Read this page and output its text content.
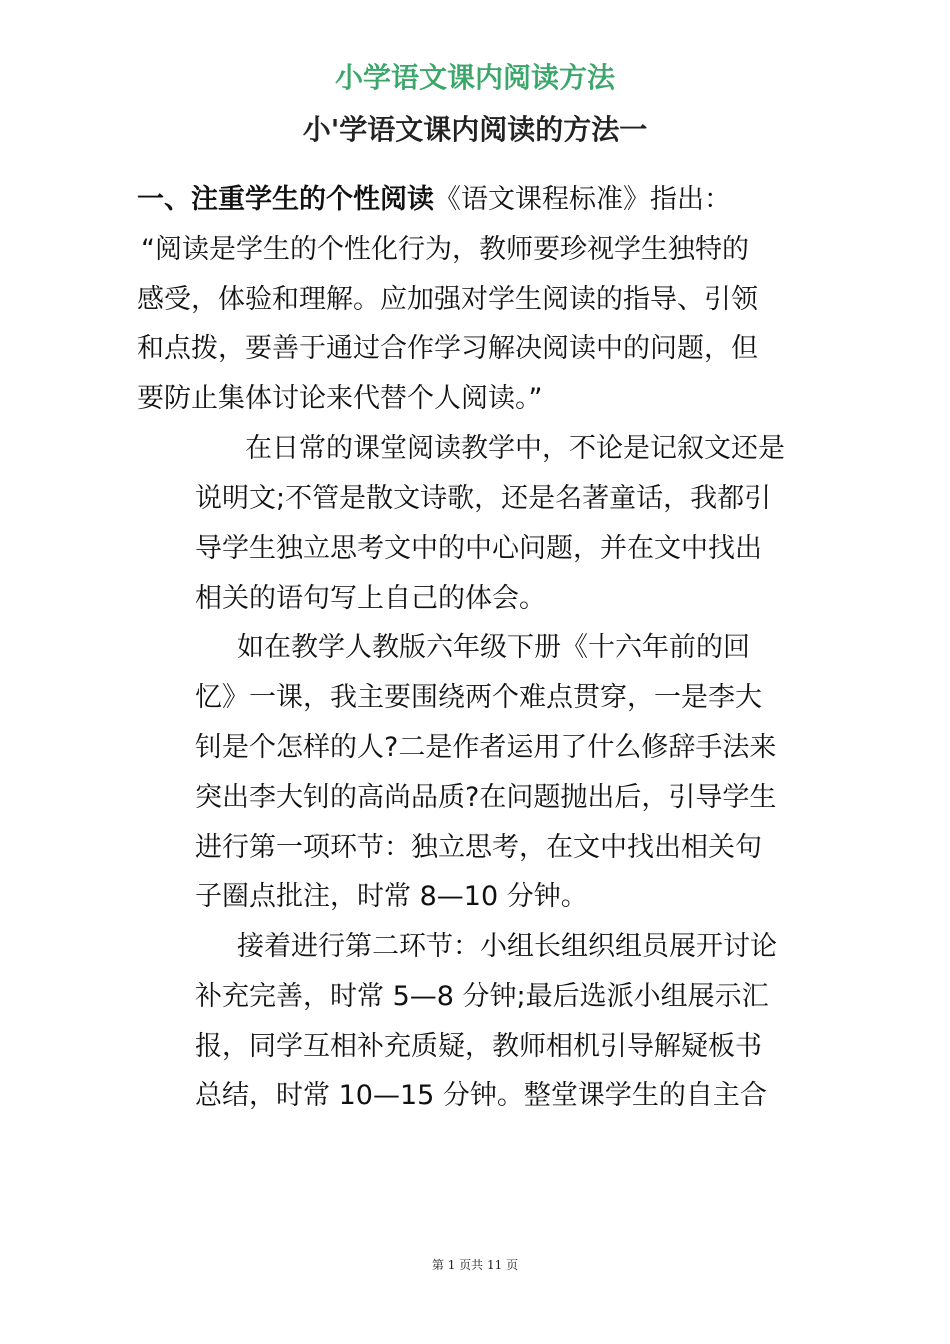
小学语文课内阅读方法
小'学语文课内阅读的方法一
一、注重学生的个性阅读《语文课程标准》指出：
“阅读是学生的个性化行为，教师要珍视学生独特的
感受，体验和理解。应加强对学生阅读的指导、引领
和点拨，要善于通过合作学习解决阅读中的问题，但
要防止集体讨论来代替个人阅读。”
在日常的课堂阅读教学中，不论是记叙文还是
说明文;不管是散文诗歌，还是名著童话，我都引
导学生独立思考文中的中心问题，并在文中找出
相关的语句写上自己的体会。
如在教学人教版六年级下册《十六年前的回
忆》一课，我主要围绕两个难点贯穿，一是李大
钊是个怎样的人?二是作者运用了什么修辞手法来
突出李大钊的高尚品质?在问题抛出后，引导学生
进行第一项环节：独立思考，在文中找出相关句
子圈点批注，时常 8—10 分钟。
接着进行第二环节：小组长组织组员展开讨论
补充完善，时常 5—8 分钟;最后选派小组展示汇
报，同学互相补充质疑，教师相机引导解疑板书
总结，时常 10—15 分钟。整堂课学生的自主合
第 1 页共 11 页
